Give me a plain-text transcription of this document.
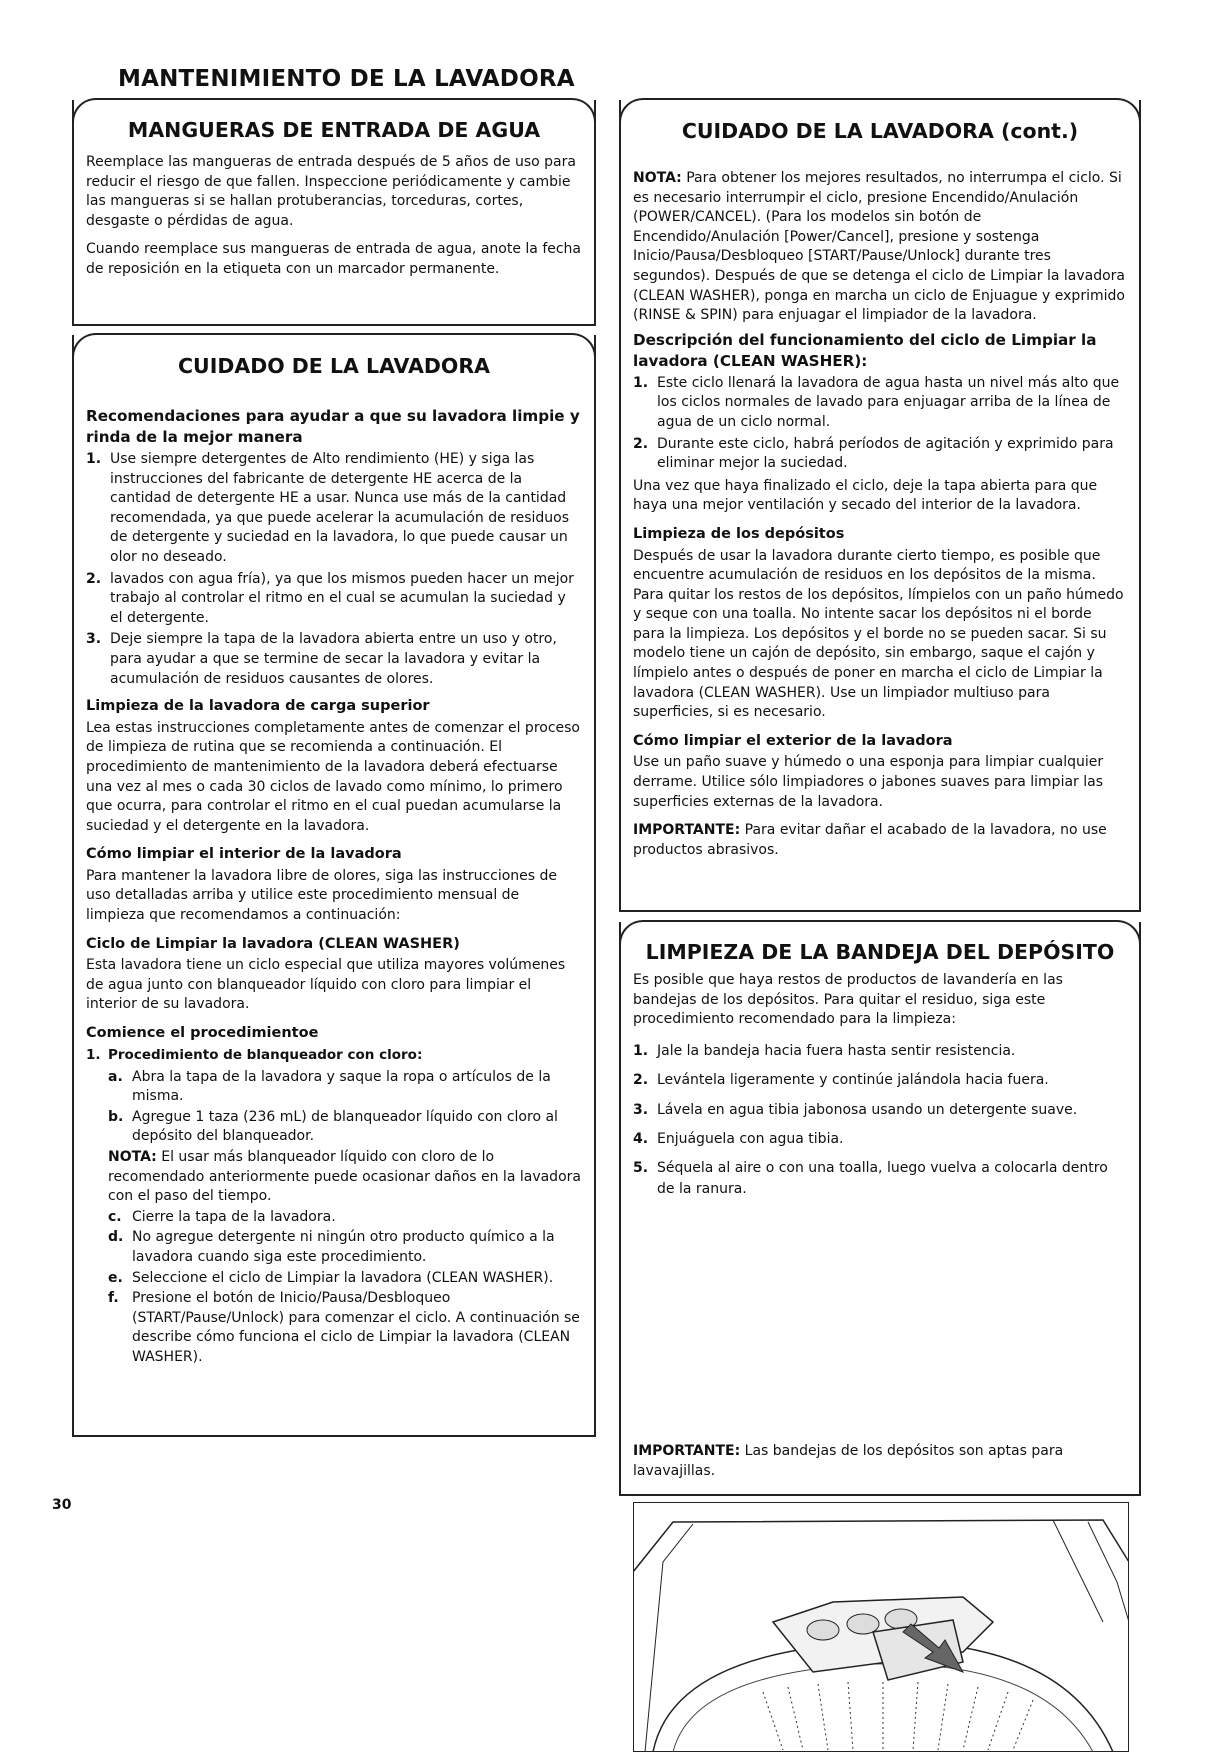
MANTENIMIENTO DE LA LAVADORA
MANGUERAS DE ENTRADA DE AGUA

Reemplace las mangueras de entrada después de 5 años de uso para reducir el riesgo de que fallen. Inspeccione periódicamente y cambie las mangueras si se hallan protuberancias, torceduras, cortes, desgaste o pérdidas de agua.

Cuando reemplace sus mangueras de entrada de agua, anote la fecha de reposición en la etiqueta con un marcador permanente.

CUIDADO DE LA LAVADORA
Recomendaciones para ayudar a que su lavadora limpie y rinda de la mejor manera
1. Use siempre detergentes de Alto rendimiento (HE) y siga las instrucciones del fabricante de detergente HE acerca de la cantidad de detergente HE a usar. Nunca use más de la cantidad recomendada, ya que puede acelerar la acumulación de residuos de detergente y suciedad en la lavadora, lo que puede causar un olor no deseado.
2. lavados con agua fría), ya que los mismos pueden hacer un mejor trabajo al controlar el ritmo en el cual se acumulan la suciedad y el detergente.
3. Deje siempre la tapa de la lavadora abierta entre un uso y otro, para ayudar a que se termine de secar la lavadora y evitar la acumulación de residuos causantes de olores.
Limpieza de la lavadora de carga superior

Lea estas instrucciones completamente antes de comenzar el proceso de limpieza de rutina que se recomienda a continuación. El procedimiento de mantenimiento de la lavadora deberá efectuarse una vez al mes o cada 30 ciclos de lavado como mínimo, lo primero que ocurra, para controlar el ritmo en el cual puedan acumularse la suciedad y el detergente en la lavadora.

Cómo limpiar el interior de la lavadora

Para mantener la lavadora libre de olores, siga las instrucciones de uso detalladas arriba y utilice este procedimiento mensual de limpieza que recomendamos a continuación:

Ciclo de Limpiar la lavadora (CLEAN WASHER)

Esta lavadora tiene un ciclo especial que utiliza mayores volúmenes de agua junto con blanqueador líquido con cloro para limpiar el interior de su lavadora.

Comience el procedimientoe
1. Procedimiento de blanqueador con cloro:
a. Abra la tapa de la lavadora y saque la ropa o artículos de la misma.
b. Agregue 1 taza (236 mL) de blanqueador líquido con cloro al depósito del blanqueador.
NOTA: El usar más blanqueador líquido con cloro de lo recomendado anteriormente puede ocasionar daños en la lavadora con el paso del tiempo.
c. Cierre la tapa de la lavadora.
d. No agregue detergente ni ningún otro producto químico a la lavadora cuando siga este procedimiento.
e. Seleccione el ciclo de Limpiar la lavadora (CLEAN WASHER).
f. Presione el botón de Inicio/Pausa/Desbloqueo (START/Pause/Unlock) para comenzar el ciclo. A continuación se describe cómo funciona el ciclo de Limpiar la lavadora (CLEAN WASHER).
CUIDADO DE LA LAVADORA (cont.)

NOTA: Para obtener los mejores resultados, no interrumpa el ciclo. Si es necesario interrumpir el ciclo, presione Encendido/Anulación (POWER/CANCEL). (Para los modelos sin botón de Encendido/Anulación [Power/Cancel], presione y sostenga Inicio/Pausa/Desbloqueo [START/Pause/Unlock] durante tres segundos). Después de que se detenga el ciclo de Limpiar la lavadora (CLEAN WASHER), ponga en marcha un ciclo de Enjuague y exprimido (RINSE & SPIN) para enjuagar el limpiador de la lavadora.

Descripción del funcionamiento del ciclo de Limpiar la lavadora (CLEAN WASHER):
1. Este ciclo llenará la lavadora de agua hasta un nivel más alto que los ciclos normales de lavado para enjuagar arriba de la línea de agua de un ciclo normal.
2. Durante este ciclo, habrá períodos de agitación y exprimido para eliminar mejor la suciedad.

Una vez que haya finalizado el ciclo, deje la tapa abierta para que haya una mejor ventilación y secado del interior de la lavadora.

Limpieza de los depósitos

Después de usar la lavadora durante cierto tiempo, es posible que encuentre acumulación de residuos en los depósitos de la misma. Para quitar los restos de los depósitos, límpielos con un paño húmedo y seque con una toalla. No intente sacar los depósitos ni el borde para la limpieza. Los depósitos y el borde no se pueden sacar. Si su modelo tiene un cajón de depósito, sin embargo, saque el cajón y límpielo antes o después de poner en marcha el ciclo de Limpiar la lavadora (CLEAN WASHER). Use un limpiador multiuso para superficies, si es necesario.

Cómo limpiar el exterior de la lavadora

Use un paño suave y húmedo o una esponja para limpiar cualquier derrame. Utilice sólo limpiadores o jabones suaves para limpiar las superficies externas de la lavadora.

IMPORTANTE: Para evitar dañar el acabado de la lavadora, no use productos abrasivos.

LIMPIEZA DE LA BANDEJA DEL DEPÓSITO

Es posible que haya restos de productos de lavandería en las bandejas de los depósitos. Para quitar el residuo, siga este procedimiento recomendado para la limpieza:

1. Jale la bandeja hacia fuera hasta sentir resistencia.
2. Levántela ligeramente y continúe jalándola hacia fuera.
3. Lávela en agua tibia jabonosa usando un detergente suave.
4. Enjuáguela con agua tibia.
5. Séquela al aire o con una toalla, luego vuelva a colocarla dentro de la ranura.

IMPORTANTE: Las bandejas de los depósitos son aptas para lavavajillas.

30
